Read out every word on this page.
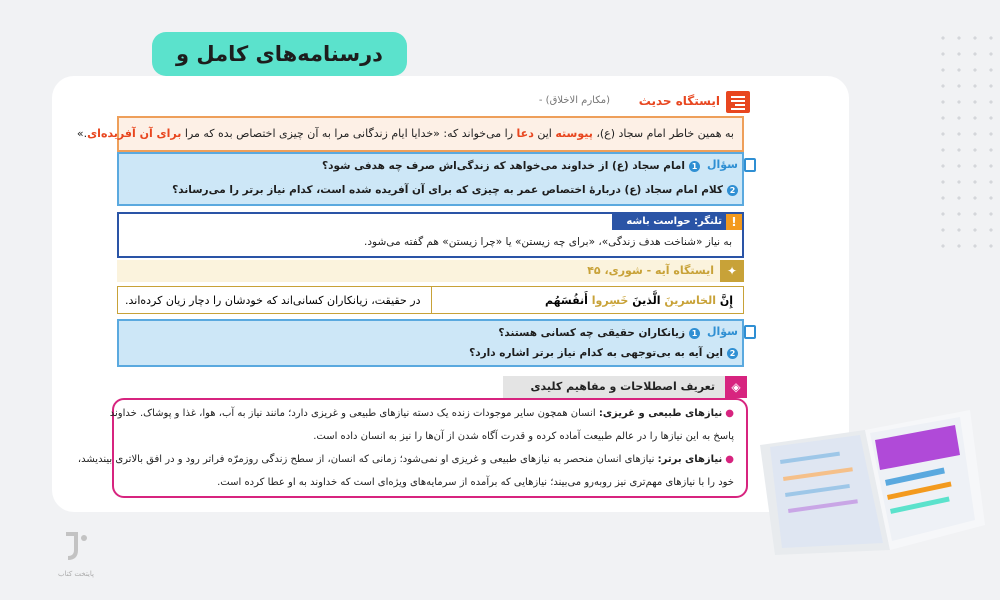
درسنامه‌های کامل و
ایستگاه حدیث
(مکارم الاخلاق) -
به همین خاطر امام سجاد (ع)، پیوسته این دعا را می‌خواند که: «خدایا ایام زندگانی مرا به آن چیزی اختصاص بده که مرا برای آن آفریده‌ای.»
سؤال
1امام سجاد (ع) از خداوند می‌خواهد که زندگی‌اش صرف چه هدفی شود؟
2کلام امام سجاد (ع) دربارهٔ اختصاص عمر به چیزی که برای آن آفریده شده است، کدام نیاز برتر را می‌رساند؟
تلنگر: حواست باشه !
به نیاز «شناخت هدف زندگی»، «برای چه زیستن» یا «چرا زیستن» هم گفته می‌شود.
✦
ایستگاه آیه - شوری، ۴۵
إِنَّ الخاسرینَ الَّذینَ خَسِروا أَنفُسَهُم
در حقیقت، زیانکاران کسانی‌اند که خودشان را دچار زیان کرده‌اند.
سؤال
1زیانکاران حقیقی چه کسانی هستند؟
2این آیه به بی‌توجهی به کدام نیاز برتر اشاره دارد؟
◈
تعریف اصطلاحات و مفاهیم کلیدی
●نیازهای طبیعی و غریزی: انسان همچون سایر موجودات زنده یک دسته نیازهای طبیعی و غریزی دارد؛ مانند نیاز به آب، هوا، غذا و پوشاک. خداوند
پاسخ به این نیازها را در عالم طبیعت آماده کرده و قدرت آگاه شدن از آن‌ها را نیز به انسان داده است.
●نیازهای برتر: نیازهای انسان منحصر به نیازهای طبیعی و غریزی او نمی‌شود؛ زمانی که انسان، از سطح زندگی روزمرّه فراتر رود و در افق بالاتری بیندیشد،
خود را با نیازهای مهم‌تری نیز روبه‌رو می‌بیند؛ نیازهایی که برآمده از سرمایه‌های ویژه‌ای است که خداوند به او عطا کرده است.
پایتخت کتاب
